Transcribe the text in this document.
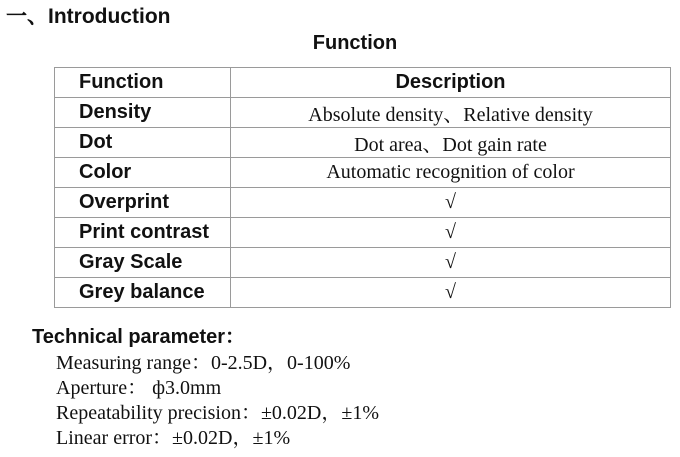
一、Introduction
Function
Function	Description
Density	Absolute density、Relative density
Dot	Dot area、Dot gain rate
Color	Automatic recognition of color
Overprint	√
Print contrast	√
Gray Scale	√
Grey balance	√
Technical parameter：
Measuring range：0-2.5D，0-100%
Aperture： ф3.0mm
Repeatability precision：±0.02D，±1%
Linear error：±0.02D，±1%
